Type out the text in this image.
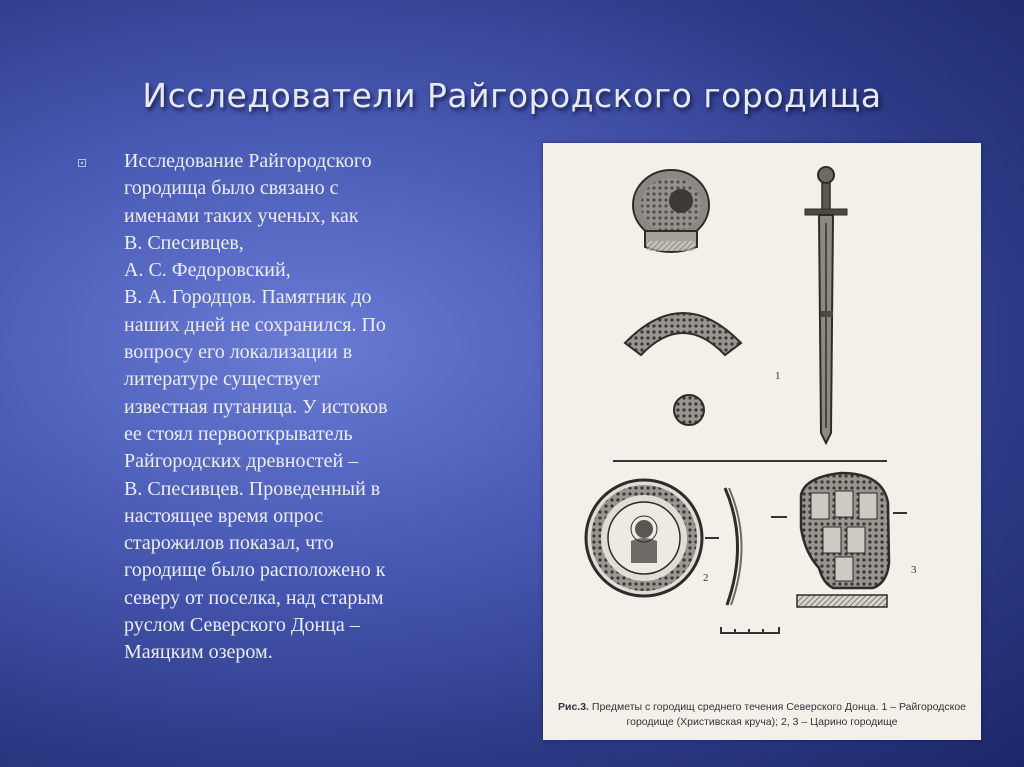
Исследователи Райгородского городища

Исследование Райгородского
городища было связано с
именами таких ученых, как
В. Спесивцев,
А. С. Федоровский,
В. А. Городцов. Памятник до
наших дней не сохранился. По
вопросу его локализации в
литературе существует
известная путаница. У истоков
ее стоял первооткрыватель
Райгородских древностей –
В. Спесивцев. Проведенный в
настоящее время опрос
старожилов показал, что
городище было расположено к
северу от поселка, над старым
руслом Северского Донца –
Маяцким озером.

1
2
3
Рис.3. Предметы с городищ среднего течения Северского Донца. 1 – Райгородское
городище (Христивская круча); 2, 3 – Царино городище
